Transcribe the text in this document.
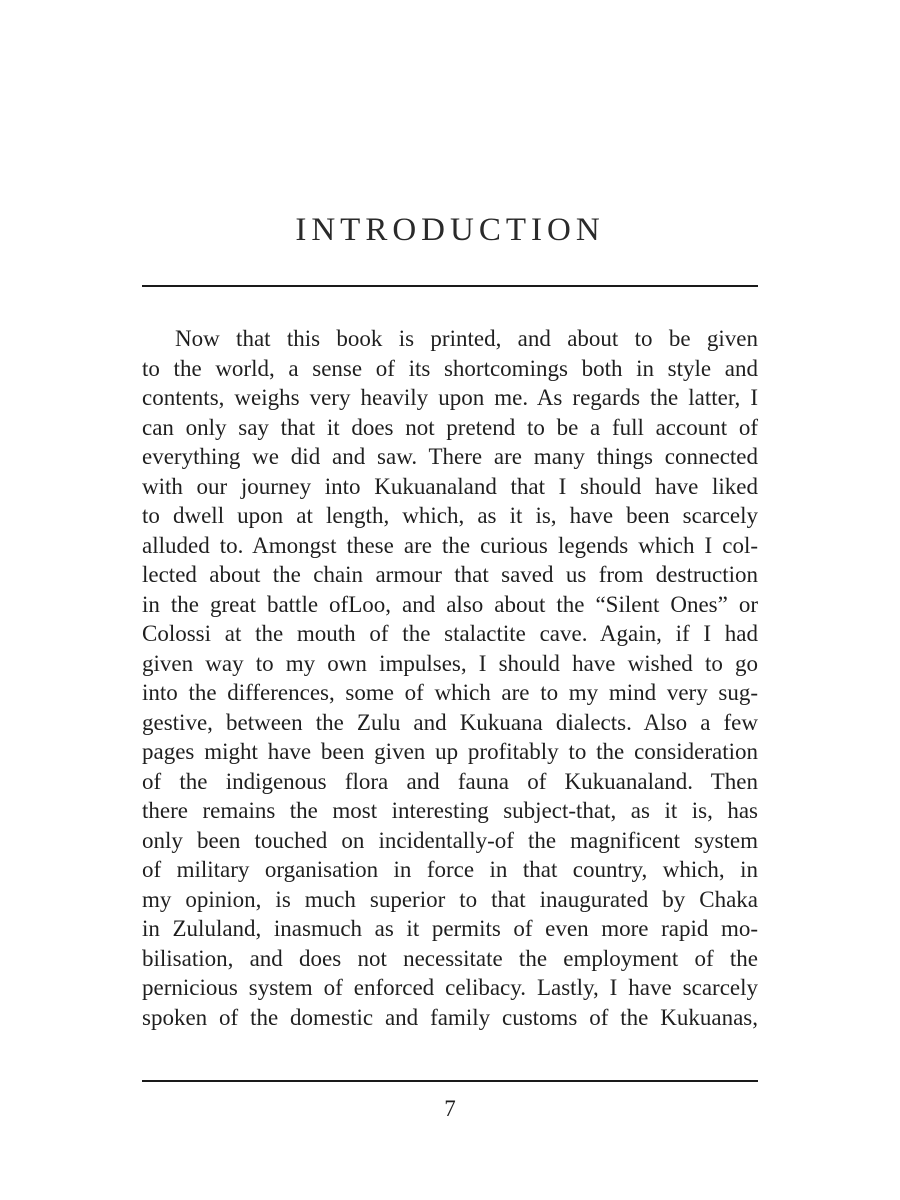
INTRODUCTION
Now that this book is printed, and about to be given
to the world, a sense of its shortcomings both in style and
contents, weighs very heavily upon me. As regards the latter, I
can only say that it does not pretend to be a full account of
everything we did and saw. There are many things connected
with our journey into Kukuanaland that I should have liked
to dwell upon at length, which, as it is, have been scarcely
alluded to. Amongst these are the curious legends which I col-
lected about the chain armour that saved us from destruction
in the great battle ofLoo, and also about the “Silent Ones” or
Colossi at the mouth of the stalactite cave. Again, if I had
given way to my own impulses, I should have wished to go
into the differences, some of which are to my mind very sug-
gestive, between the Zulu and Kukuana dialects. Also a few
pages might have been given up profitably to the consideration
of the indigenous flora and fauna of Kukuanaland. Then
there remains the most interesting subject-that, as it is, has
only been touched on incidentally-of the magnificent system
of military organisation in force in that country, which, in
my opinion, is much superior to that inaugurated by Chaka
in Zululand, inasmuch as it permits of even more rapid mo-
bilisation, and does not necessitate the employment of the
pernicious system of enforced celibacy. Lastly, I have scarcely
spoken of the domestic and family customs of the Kukuanas,
7
